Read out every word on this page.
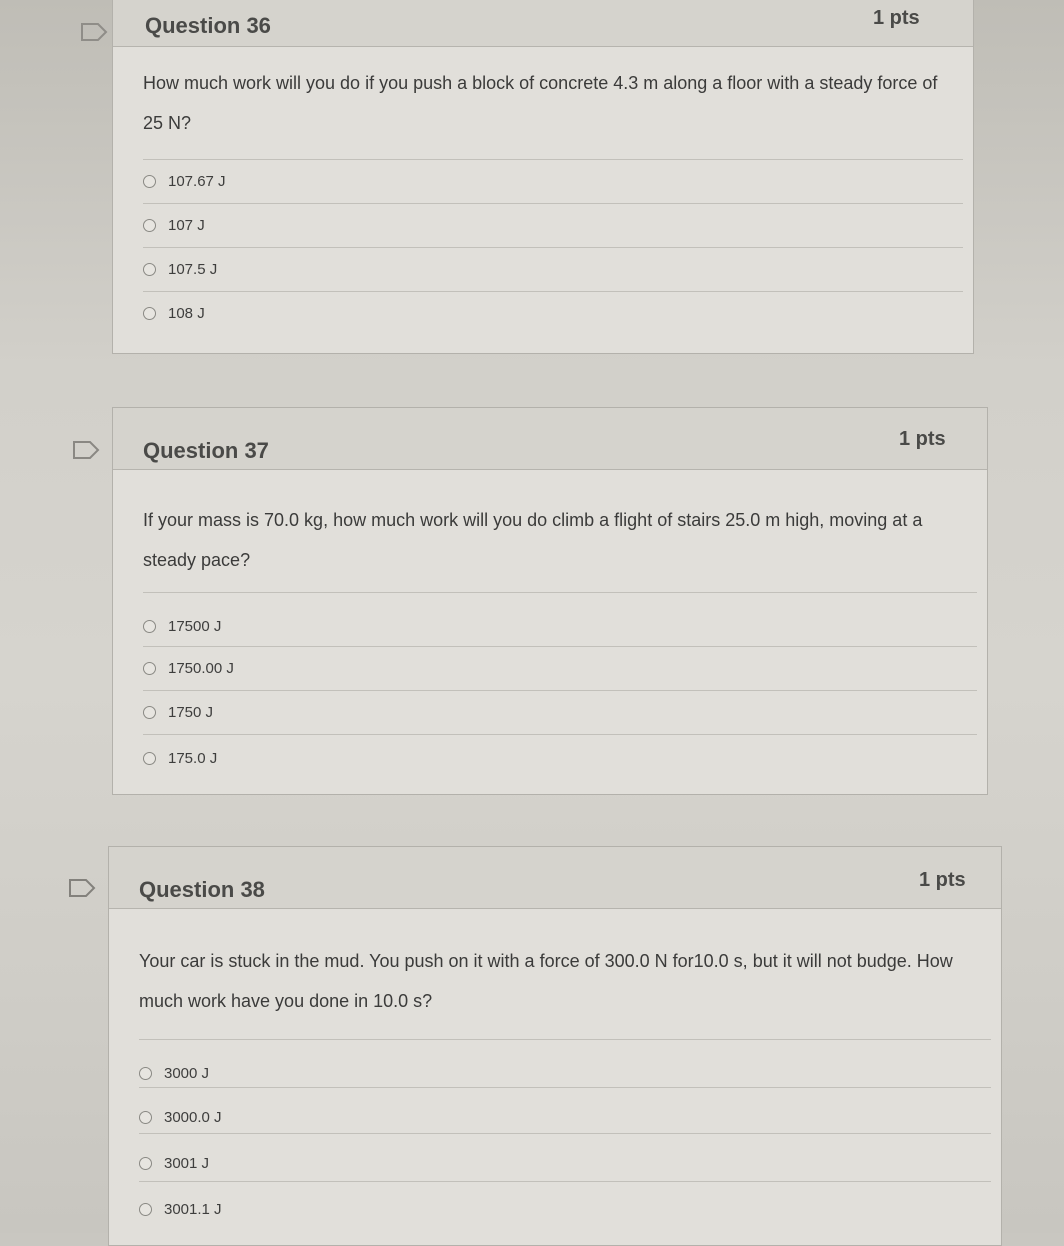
Question 36	1 pts
How much work will you do if you push a block of concrete 4.3 m along a floor with a steady force of 25 N?
107.67 J
107 J
107.5 J
108 J
Question 37	1 pts
If your mass is 70.0 kg, how much work will you do climb a flight of stairs 25.0 m high, moving at a steady pace?
17500 J
1750.00 J
1750 J
175.0 J
Question 38	1 pts
Your car is stuck in the mud. You push on it with a force of 300.0 N for10.0 s, but it will not budge. How much work have you done in 10.0 s?
3000 J
3000.0 J
3001 J
3001.1 J
